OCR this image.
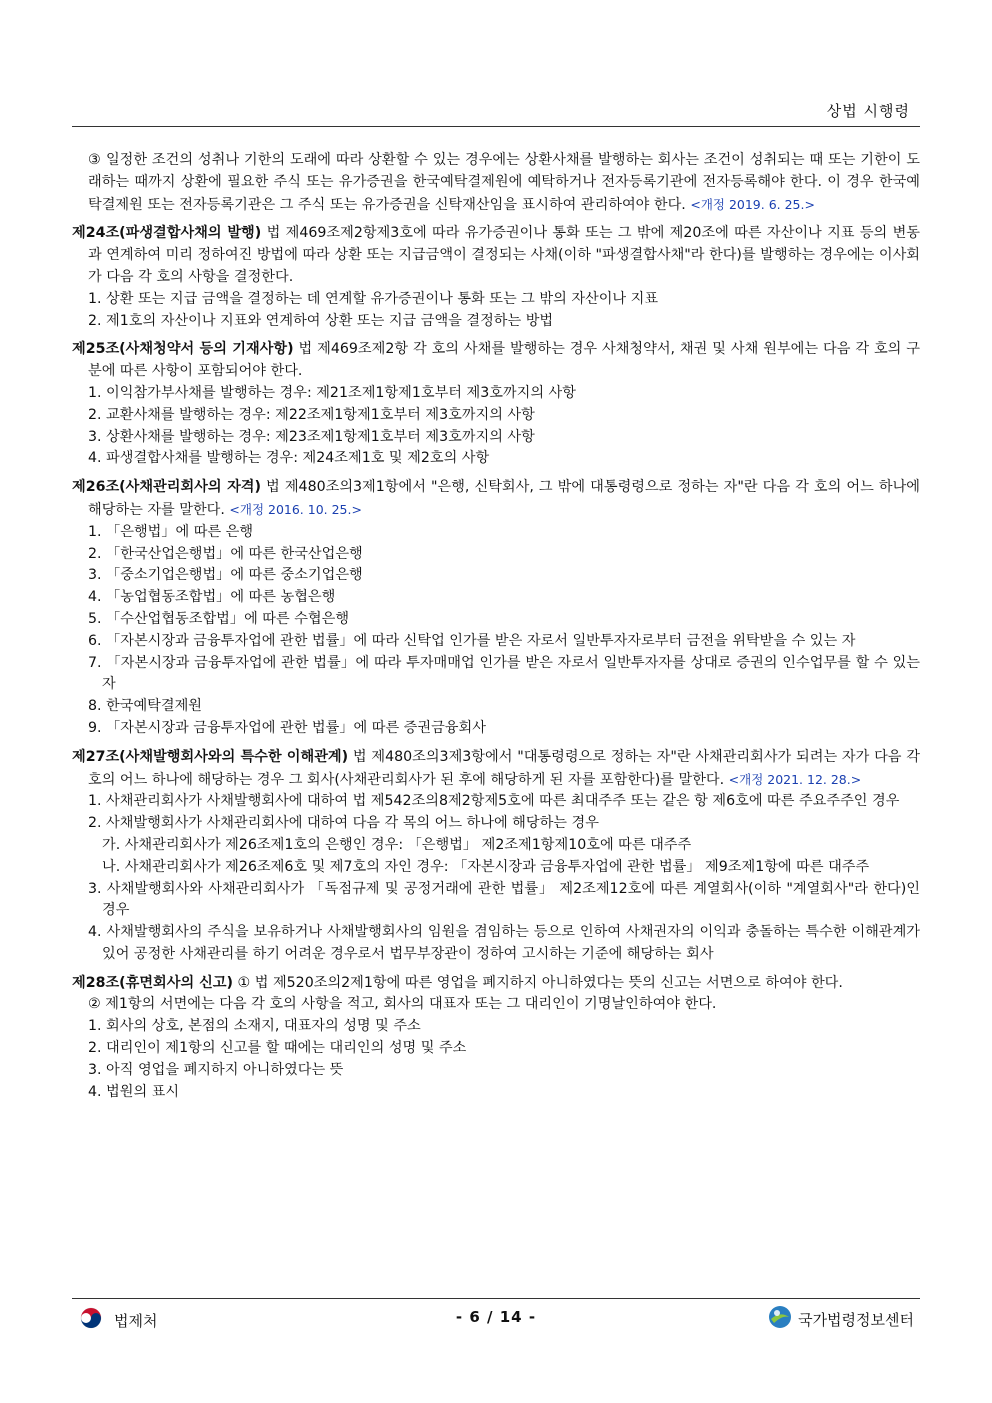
상법 시행령

③ 일정한 조건의 성취나 기한의 도래에 따라 상환할 수 있는 경우에는 상환사채를 발행하는 회사는 조건이 성취되는 때 또는 기한이 도래하는 때까지 상환에 필요한 주식 또는 유가증권을 한국예탁결제원에 예탁하거나 전자등록기관에 전자등록해야 한다. 이 경우 한국예탁결제원 또는 전자등록기관은 그 주식 또는 유가증권을 신탁재산임을 표시하여 관리하여야 한다. <개정 2019. 6. 25.>

제24조(파생결합사채의 발행) 법 제469조제2항제3호에 따라 유가증권이나 통화 또는 그 밖에 제20조에 따른 자산이나 지표 등의 변동과 연계하여 미리 정하여진 방법에 따라 상환 또는 지급금액이 결정되는 사채(이하 "파생결합사채"라 한다)를 발행하는 경우에는 이사회가 다음 각 호의 사항을 결정한다.

1. 상환 또는 지급 금액을 결정하는 데 연계할 유가증권이나 통화 또는 그 밖의 자산이나 지표

2. 제1호의 자산이나 지표와 연계하여 상환 또는 지급 금액을 결정하는 방법

제25조(사채청약서 등의 기재사항) 법 제469조제2항 각 호의 사채를 발행하는 경우 사채청약서, 채권 및 사채 원부에는 다음 각 호의 구분에 따른 사항이 포함되어야 한다.

1. 이익참가부사채를 발행하는 경우: 제21조제1항제1호부터 제3호까지의 사항

2. 교환사채를 발행하는 경우: 제22조제1항제1호부터 제3호까지의 사항

3. 상환사채를 발행하는 경우: 제23조제1항제1호부터 제3호까지의 사항

4. 파생결합사채를 발행하는 경우: 제24조제1호 및 제2호의 사항

제26조(사채관리회사의 자격) 법 제480조의3제1항에서 "은행, 신탁회사, 그 밖에 대통령령으로 정하는 자"란 다음 각 호의 어느 하나에 해당하는 자를 말한다. <개정 2016. 10. 25.>

1. 「은행법」에 따른 은행

2. 「한국산업은행법」에 따른 한국산업은행

3. 「중소기업은행법」에 따른 중소기업은행

4. 「농업협동조합법」에 따른 농협은행

5. 「수산업협동조합법」에 따른 수협은행

6. 「자본시장과 금융투자업에 관한 법률」에 따라 신탁업 인가를 받은 자로서 일반투자자로부터 금전을 위탁받을 수 있는 자

7. 「자본시장과 금융투자업에 관한 법률」에 따라 투자매매업 인가를 받은 자로서 일반투자자를 상대로 증권의 인수업무를 할 수 있는 자

8. 한국예탁결제원

9. 「자본시장과 금융투자업에 관한 법률」에 따른 증권금융회사

제27조(사채발행회사와의 특수한 이해관계) 법 제480조의3제3항에서 "대통령령으로 정하는 자"란 사채관리회사가 되려는 자가 다음 각 호의 어느 하나에 해당하는 경우 그 회사(사채관리회사가 된 후에 해당하게 된 자를 포함한다)를 말한다. <개정 2021. 12. 28.>

1. 사채관리회사가 사채발행회사에 대하여 법 제542조의8제2항제5호에 따른 최대주주 또는 같은 항 제6호에 따른 주요주주인 경우

2. 사채발행회사가 사채관리회사에 대하여 다음 각 목의 어느 하나에 해당하는 경우

가. 사채관리회사가 제26조제1호의 은행인 경우: 「은행법」 제2조제1항제10호에 따른 대주주

나. 사채관리회사가 제26조제6호 및 제7호의 자인 경우: 「자본시장과 금융투자업에 관한 법률」 제9조제1항에 따른 대주주

3. 사채발행회사와 사채관리회사가 「독점규제 및 공정거래에 관한 법률」 제2조제12호에 따른 계열회사(이하 "계열회사"라 한다)인 경우

4. 사채발행회사의 주식을 보유하거나 사채발행회사의 임원을 겸임하는 등으로 인하여 사채권자의 이익과 충돌하는 특수한 이해관계가 있어 공정한 사채관리를 하기 어려운 경우로서 법무부장관이 정하여 고시하는 기준에 해당하는 회사

제28조(휴면회사의 신고) ① 법 제520조의2제1항에 따른 영업을 폐지하지 아니하였다는 뜻의 신고는 서면으로 하여야 한다.

② 제1항의 서면에는 다음 각 호의 사항을 적고, 회사의 대표자 또는 그 대리인이 기명날인하여야 한다.

1. 회사의 상호, 본점의 소재지, 대표자의 성명 및 주소

2. 대리인이 제1항의 신고를 할 때에는 대리인의 성명 및 주소

3. 아직 영업을 폐지하지 아니하였다는 뜻

4. 법원의 표시

법제처	- 6 / 14 -	국가법령정보센터
